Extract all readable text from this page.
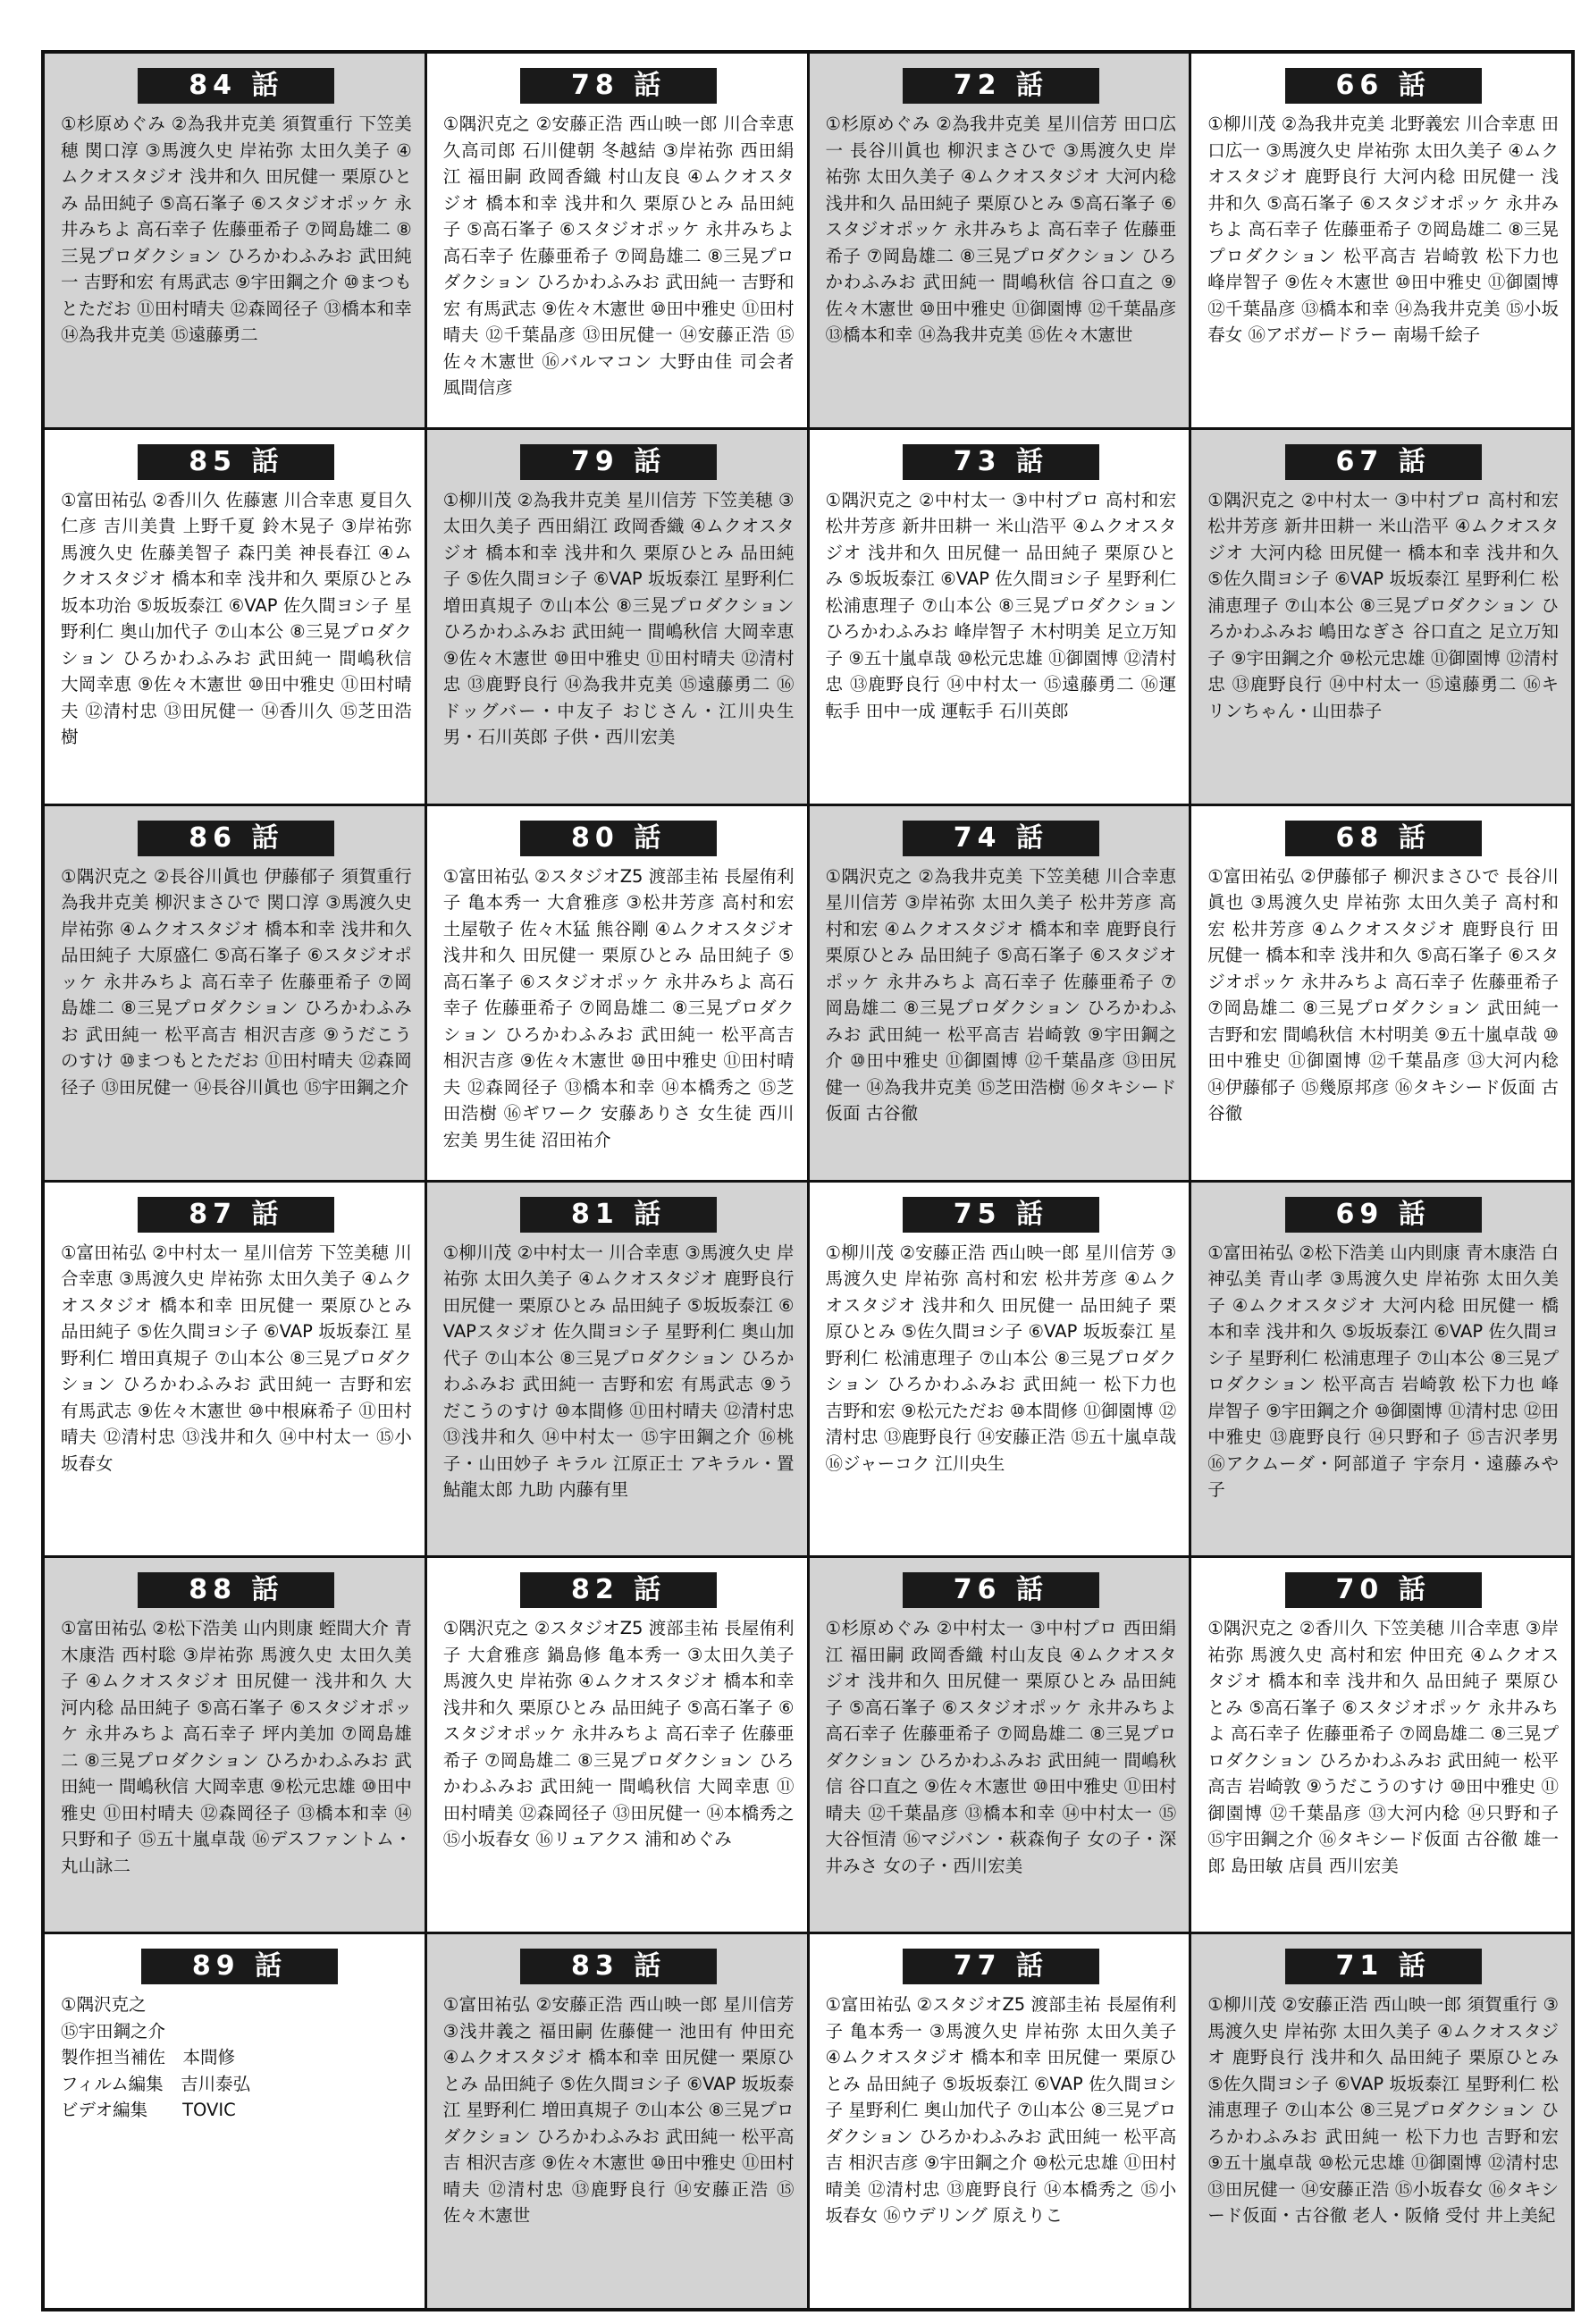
84 話

①杉原めぐみ ②為我井克美 須賀重行 下笠美穂 関口淳 ③馬渡久史 岸祐弥 太田久美子 ④ムクオスタジオ 浅井和久 田尻健一 栗原ひとみ 品田純子 ⑤高石峯子 ⑥スタジオポッケ 永井みちよ 高石幸子 佐藤亜希子 ⑦岡島雄二 ⑧三晃プロダクション ひろかわふみお 武田純一 吉野和宏 有馬武志 ⑨宇田鋼之介 ⑩まつもとただお ⑪田村晴夫 ⑫森岡径子 ⑬橋本和幸 ⑭為我井克美 ⑮遠藤勇二

78 話

①隅沢克之 ②安藤正浩 西山映一郎 川合幸恵 久高司郎 石川健朝 冬越結 ③岸祐弥 西田絹江 福田嗣 政岡香織 村山友良 ④ムクオスタジオ 橋本和幸 浅井和久 栗原ひとみ 品田純子 ⑤高石峯子 ⑥スタジオポッケ 永井みちよ 高石幸子 佐藤亜希子 ⑦岡島雄二 ⑧三晃プロダクション ひろかわふみお 武田純一 吉野和宏 有馬武志 ⑨佐々木憲世 ⑩田中雅史 ⑪田村晴夫 ⑫千葉晶彦 ⑬田尻健一 ⑭安藤正浩 ⑮佐々木憲世 ⑯バルマコン 大野由佳 司会者 風間信彦

72 話

①杉原めぐみ ②為我井克美 星川信芳 田口広一 長谷川眞也 柳沢まさひで ③馬渡久史 岸祐弥 太田久美子 ④ムクオスタジオ 大河内稔 浅井和久 品田純子 栗原ひとみ ⑤高石峯子 ⑥スタジオポッケ 永井みちよ 高石幸子 佐藤亜希子 ⑦岡島雄二 ⑧三晃プロダクション ひろかわふみお 武田純一 間嶋秋信 谷口直之 ⑨佐々木憲世 ⑩田中雅史 ⑪御園博 ⑫千葉晶彦 ⑬橋本和幸 ⑭為我井克美 ⑮佐々木憲世

66 話

①柳川茂 ②為我井克美 北野義宏 川合幸恵 田口広一 ③馬渡久史 岸祐弥 太田久美子 ④ムクオスタジオ 鹿野良行 大河内稔 田尻健一 浅井和久 ⑤高石峯子 ⑥スタジオポッケ 永井みちよ 高石幸子 佐藤亜希子 ⑦岡島雄二 ⑧三晃プロダクション 松平高吉 岩崎敦 松下力也 峰岸智子 ⑨佐々木憲世 ⑩田中雅史 ⑪御園博 ⑫千葉晶彦 ⑬橋本和幸 ⑭為我井克美 ⑮小坂春女 ⑯アボガードラー 南場千絵子

85 話

①富田祐弘 ②香川久 佐藤憲 川合幸恵 夏目久仁彦 吉川美貴 上野千夏 鈴木晃子 ③岸祐弥 馬渡久史 佐藤美智子 森円美 神長春江 ④ムクオスタジオ 橋本和幸 浅井和久 栗原ひとみ 坂本功治 ⑤坂坂泰江 ⑥VAP 佐久間ヨシ子 星野利仁 奥山加代子 ⑦山本公 ⑧三晃プロダクション ひろかわふみお 武田純一 間嶋秋信 大岡幸恵 ⑨佐々木憲世 ⑩田中雅史 ⑪田村晴夫 ⑫清村忠 ⑬田尻健一 ⑭香川久 ⑮芝田浩樹

79 話

①柳川茂 ②為我井克美 星川信芳 下笠美穂 ③太田久美子 西田絹江 政岡香織 ④ムクオスタジオ 橋本和幸 浅井和久 栗原ひとみ 品田純子 ⑤佐久間ヨシ子 ⑥VAP 坂坂泰江 星野利仁 増田真規子 ⑦山本公 ⑧三晃プロダクション ひろかわふみお 武田純一 間嶋秋信 大岡幸恵 ⑨佐々木憲世 ⑩田中雅史 ⑪田村晴夫 ⑫清村忠 ⑬鹿野良行 ⑭為我井克美 ⑮遠藤勇二 ⑯ドッグバー・中友子 おじさん・江川央生 男・石川英郎 子供・西川宏美

73 話

①隅沢克之 ②中村太一 ③中村プロ 高村和宏 松井芳彦 新井田耕一 米山浩平 ④ムクオスタジオ 浅井和久 田尻健一 品田純子 栗原ひとみ ⑤坂坂泰江 ⑥VAP 佐久間ヨシ子 星野利仁 松浦恵理子 ⑦山本公 ⑧三晃プロダクション ひろかわふみお 峰岸智子 木村明美 足立万知子 ⑨五十嵐卓哉 ⑩松元忠雄 ⑪御園博 ⑫清村忠 ⑬鹿野良行 ⑭中村太一 ⑮遠藤勇二 ⑯運転手 田中一成 運転手 石川英郎

67 話

①隅沢克之 ②中村太一 ③中村プロ 高村和宏 松井芳彦 新井田耕一 米山浩平 ④ムクオスタジオ 大河内稔 田尻健一 橋本和幸 浅井和久 ⑤佐久間ヨシ子 ⑥VAP 坂坂泰江 星野利仁 松浦恵理子 ⑦山本公 ⑧三晃プロダクション ひろかわふみお 嶋田なぎさ 谷口直之 足立万知子 ⑨宇田鋼之介 ⑩松元忠雄 ⑪御園博 ⑫清村忠 ⑬鹿野良行 ⑭中村太一 ⑮遠藤勇二 ⑯キリンちゃん・山田恭子

86 話

①隅沢克之 ②長谷川眞也 伊藤郁子 須賀重行 為我井克美 柳沢まさひで 関口淳 ③馬渡久史 岸祐弥 ④ムクオスタジオ 橋本和幸 浅井和久 品田純子 大原盛仁 ⑤高石峯子 ⑥スタジオポッケ 永井みちよ 高石幸子 佐藤亜希子 ⑦岡島雄二 ⑧三晃プロダクション ひろかわふみお 武田純一 松平高吉 相沢吉彦 ⑨うだこうのすけ ⑩まつもとただお ⑪田村晴夫 ⑫森岡径子 ⑬田尻健一 ⑭長谷川眞也 ⑮宇田鋼之介

80 話

①富田祐弘 ②スタジオZ5 渡部圭祐 長屋侑利子 亀本秀一 大倉雅彦 ③松井芳彦 高村和宏 土屋敬子 佐々木猛 熊谷剛 ④ムクオスタジオ 浅井和久 田尻健一 栗原ひとみ 品田純子 ⑤高石峯子 ⑥スタジオポッケ 永井みちよ 高石幸子 佐藤亜希子 ⑦岡島雄二 ⑧三晃プロダクション ひろかわふみお 武田純一 松平高吉 相沢吉彦 ⑨佐々木憲世 ⑩田中雅史 ⑪田村晴夫 ⑫森岡径子 ⑬橋本和幸 ⑭本橋秀之 ⑮芝田浩樹 ⑯ギワーク 安藤ありさ 女生徒 西川宏美 男生徒 沼田祐介

74 話

①隅沢克之 ②為我井克美 下笠美穂 川合幸恵 星川信芳 ③岸祐弥 太田久美子 松井芳彦 高村和宏 ④ムクオスタジオ 橋本和幸 鹿野良行 栗原ひとみ 品田純子 ⑤高石峯子 ⑥スタジオポッケ 永井みちよ 高石幸子 佐藤亜希子 ⑦岡島雄二 ⑧三晃プロダクション ひろかわふみお 武田純一 松平高吉 岩崎敦 ⑨宇田鋼之介 ⑩田中雅史 ⑪御園博 ⑫千葉晶彦 ⑬田尻健一 ⑭為我井克美 ⑮芝田浩樹 ⑯タキシード仮面 古谷徹

68 話

①富田祐弘 ②伊藤郁子 柳沢まさひで 長谷川眞也 ③馬渡久史 岸祐弥 太田久美子 高村和宏 松井芳彦 ④ムクオスタジオ 鹿野良行 田尻健一 橋本和幸 浅井和久 ⑤高石峯子 ⑥スタジオポッケ 永井みちよ 高石幸子 佐藤亜希子 ⑦岡島雄二 ⑧三晃プロダクション 武田純一 吉野和宏 間嶋秋信 木村明美 ⑨五十嵐卓哉 ⑩田中雅史 ⑪御園博 ⑫千葉晶彦 ⑬大河内稔 ⑭伊藤郁子 ⑮幾原邦彦 ⑯タキシード仮面 古谷徹

87 話

①富田祐弘 ②中村太一 星川信芳 下笠美穂 川合幸恵 ③馬渡久史 岸祐弥 太田久美子 ④ムクオスタジオ 橋本和幸 田尻健一 栗原ひとみ 品田純子 ⑤佐久間ヨシ子 ⑥VAP 坂坂泰江 星野利仁 増田真規子 ⑦山本公 ⑧三晃プロダクション ひろかわふみお 武田純一 吉野和宏 有馬武志 ⑨佐々木憲世 ⑩中根麻希子 ⑪田村晴夫 ⑫清村忠 ⑬浅井和久 ⑭中村太一 ⑮小坂春女

81 話

①柳川茂 ②中村太一 川合幸恵 ③馬渡久史 岸祐弥 太田久美子 ④ムクオスタジオ 鹿野良行 田尻健一 栗原ひとみ 品田純子 ⑤坂坂泰江 ⑥VAPスタジオ 佐久間ヨシ子 星野利仁 奥山加代子 ⑦山本公 ⑧三晃プロダクション ひろかわふみお 武田純一 吉野和宏 有馬武志 ⑨うだこうのすけ ⑩本間修 ⑪田村晴夫 ⑫清村忠 ⑬浅井和久 ⑭中村太一 ⑮宇田鋼之介 ⑯桃子・山田妙子 キラル 江原正士 アキラル・置鮎龍太郎 九助 内藤有里

75 話

①柳川茂 ②安藤正浩 西山映一郎 星川信芳 ③馬渡久史 岸祐弥 高村和宏 松井芳彦 ④ムクオスタジオ 浅井和久 田尻健一 品田純子 栗原ひとみ ⑤佐久間ヨシ子 ⑥VAP 坂坂泰江 星野利仁 松浦恵理子 ⑦山本公 ⑧三晃プロダクション ひろかわふみお 武田純一 松下力也 吉野和宏 ⑨松元ただお ⑩本間修 ⑪御園博 ⑫清村忠 ⑬鹿野良行 ⑭安藤正浩 ⑮五十嵐卓哉 ⑯ジャーコク 江川央生

69 話

①富田祐弘 ②松下浩美 山内則康 青木康浩 白神弘美 青山孝 ③馬渡久史 岸祐弥 太田久美子 ④ムクオスタジオ 大河内稔 田尻健一 橋本和幸 浅井和久 ⑤坂坂泰江 ⑥VAP 佐久間ヨシ子 星野利仁 松浦恵理子 ⑦山本公 ⑧三晃プロダクション 松平高吉 岩崎敦 松下力也 峰岸智子 ⑨宇田鋼之介 ⑩御園博 ⑪清村忠 ⑫田中雅史 ⑬鹿野良行 ⑭只野和子 ⑮吉沢孝男 ⑯アクムーダ・阿部道子 宇奈月・遠藤みや子

88 話

①富田祐弘 ②松下浩美 山内則康 蛭間大介 青木康浩 西村聡 ③岸祐弥 馬渡久史 太田久美子 ④ムクオスタジオ 田尻健一 浅井和久 大河内稔 品田純子 ⑤高石峯子 ⑥スタジオポッケ 永井みちよ 高石幸子 坪内美加 ⑦岡島雄二 ⑧三晃プロダクション ひろかわふみお 武田純一 間嶋秋信 大岡幸恵 ⑨松元忠雄 ⑩田中雅史 ⑪田村晴夫 ⑫森岡径子 ⑬橋本和幸 ⑭只野和子 ⑮五十嵐卓哉 ⑯デスファントム・丸山詠二

82 話

①隅沢克之 ②スタジオZ5 渡部圭祐 長屋侑利子 大倉雅彦 鍋島修 亀本秀一 ③太田久美子 馬渡久史 岸祐弥 ④ムクオスタジオ 橋本和幸 浅井和久 栗原ひとみ 品田純子 ⑤高石峯子 ⑥スタジオポッケ 永井みちよ 高石幸子 佐藤亜希子 ⑦岡島雄二 ⑧三晃プロダクション ひろかわふみお 武田純一 間嶋秋信 大岡幸恵 ⑪田村晴美 ⑫森岡径子 ⑬田尻健一 ⑭本橋秀之 ⑮小坂春女 ⑯リュアクス 浦和めぐみ

76 話

①杉原めぐみ ②中村太一 ③中村プロ 西田絹江 福田嗣 政岡香織 村山友良 ④ムクオスタジオ 浅井和久 田尻健一 栗原ひとみ 品田純子 ⑤高石峯子 ⑥スタジオポッケ 永井みちよ 高石幸子 佐藤亜希子 ⑦岡島雄二 ⑧三晃プロダクション ひろかわふみお 武田純一 間嶋秋信 谷口直之 ⑨佐々木憲世 ⑩田中雅史 ⑪田村晴夫 ⑫千葉晶彦 ⑬橋本和幸 ⑭中村太一 ⑮大谷恒清 ⑯マジバン・萩森侚子 女の子・深井みさ 女の子・西川宏美

70 話

①隅沢克之 ②香川久 下笠美穂 川合幸恵 ③岸祐弥 馬渡久史 高村和宏 仲田充 ④ムクオスタジオ 橋本和幸 浅井和久 品田純子 栗原ひとみ ⑤高石峯子 ⑥スタジオポッケ 永井みちよ 高石幸子 佐藤亜希子 ⑦岡島雄二 ⑧三晃プロダクション ひろかわふみお 武田純一 松平高吉 岩崎敦 ⑨うだこうのすけ ⑩田中雅史 ⑪御園博 ⑫千葉晶彦 ⑬大河内稔 ⑭只野和子 ⑮宇田鋼之介 ⑯タキシード仮面 古谷徹 雄一郎 島田敏 店員 西川宏美

89 話

①隅沢克之
⑮宇田鋼之介
製作担当補佐　本間修
フィルム編集　吉川泰弘
ビデオ編集　　TOVIC

83 話

①富田祐弘 ②安藤正浩 西山映一郎 星川信芳 ③浅井義之 福田嗣 佐藤健一 池田有 仲田充 ④ムクオスタジオ 橋本和幸 田尻健一 栗原ひとみ 品田純子 ⑤佐久間ヨシ子 ⑥VAP 坂坂泰江 星野利仁 増田真規子 ⑦山本公 ⑧三晃プロダクション ひろかわふみお 武田純一 松平高吉 相沢吉彦 ⑨佐々木憲世 ⑩田中雅史 ⑪田村晴夫 ⑫清村忠 ⑬鹿野良行 ⑭安藤正浩 ⑮佐々木憲世

77 話

①富田祐弘 ②スタジオZ5 渡部圭祐 長屋侑利子 亀本秀一 ③馬渡久史 岸祐弥 太田久美子 ④ムクオスタジオ 橋本和幸 田尻健一 栗原ひとみ 品田純子 ⑤坂坂泰江 ⑥VAP 佐久間ヨシ子 星野利仁 奥山加代子 ⑦山本公 ⑧三晃プロダクション ひろかわふみお 武田純一 松平高吉 相沢吉彦 ⑨宇田鋼之介 ⑩松元忠雄 ⑪田村晴美 ⑫清村忠 ⑬鹿野良行 ⑭本橋秀之 ⑮小坂春女 ⑯ウデリング 原えりこ

71 話

①柳川茂 ②安藤正浩 西山映一郎 須賀重行 ③馬渡久史 岸祐弥 太田久美子 ④ムクオスタジオ 鹿野良行 浅井和久 品田純子 栗原ひとみ ⑤佐久間ヨシ子 ⑥VAP 坂坂泰江 星野利仁 松浦恵理子 ⑦山本公 ⑧三晃プロダクション ひろかわふみお 武田純一 松下力也 吉野和宏 ⑨五十嵐卓哉 ⑩松元忠雄 ⑪御園博 ⑫清村忠 ⑬田尻健一 ⑭安藤正浩 ⑮小坂春女 ⑯タキシード仮面・古谷徹 老人・阪脩 受付 井上美紀
